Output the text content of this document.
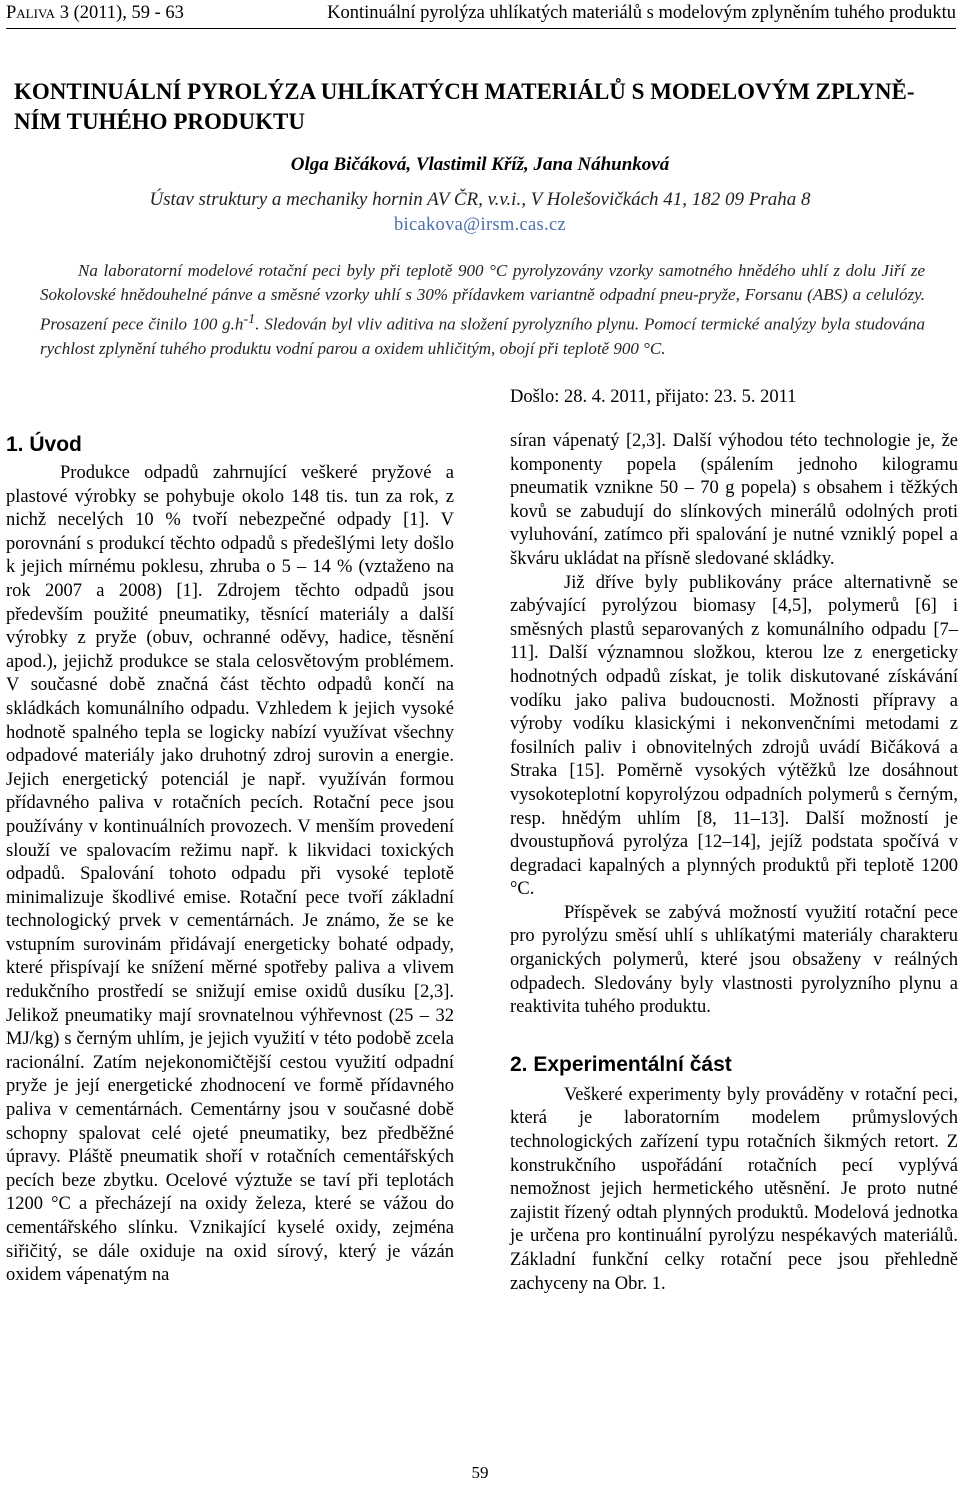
Paliva 3 (2011), 59 - 63	Kontinuální pyrolýza uhlíkatých materiálů s modelovým zplyněním tuhého produktu
KONTINUÁLNÍ PYROLÝZA UHLÍKATÝCH MATERIÁLŮ S MODELOVÝM ZPLYNĚ-NÍM TUHÉHO PRODUKTU
Olga Bičáková, Vlastimil Kříž, Jana Náhunková
Ústav struktury a mechaniky hornin AV ČR, v.v.i., V Holešovičkách 41, 182 09 Praha 8
bicakova@irsm.cas.cz

Na laboratorní modelové rotační peci byly při teplotě 900 °C pyrolyzovány vzorky samotného hnědého uhlí z dolu Jiří ze Sokolovské hnědouhelné pánve a směsné vzorky uhlí s 30% přídavkem variantně odpadní pneu-pryže, Forsanu (ABS) a celulózy. Prosazení pece činilo 100 $g.h^{-1}$. Sledován byl vliv aditiva na složení pyrolyzního plynu. Pomocí termické analýzy byla studována rychlost zplynění tuhého produktu vodní parou a oxidem uhličitým, obojí při teplotě 900 °C.

Došlo: 28. 4. 2011, přijato: 23. 5. 2011
1. Úvod

Produkce odpadů zahrnující veškeré pryžové a plastové výrobky se pohybuje okolo 148 tis. tun za rok, z nichž necelých 10 % tvoří nebezpečné odpady [1]. V porovnání s produkcí těchto odpadů s předešlými lety došlo k jejich mírnému poklesu, zhruba o 5 – 14 % (vztaženo na rok 2007 a 2008) [1]. Zdrojem těchto odpadů jsou především použité pneumatiky, těsnící materiály a další výrobky z pryže (obuv, ochranné oděvy, hadice, těsnění apod.), jejichž produkce se stala celosvětovým problémem. V současné době značná část těchto odpadů končí na skládkách komunálního odpadu. Vzhledem k jejich vysoké hodnotě spalného tepla se logicky nabízí využívat všechny odpadové materiály jako druhotný zdroj surovin a energie. Jejich energetický potenciál je např. využíván formou přídavného paliva v rotačních pecích. Rotační pece jsou používány v kontinuálních provozech. V menším provedení slouží ve spalovacím režimu např. k likvidaci toxických odpadů. Spalování tohoto odpadu při vysoké teplotě minimalizuje škodlivé emise. Rotační pece tvoří základní technologický prvek v cementárnách. Je známo, že se ke vstupním surovinám přidávají energeticky bohaté odpady, které přispívají ke snížení měrné spotřeby paliva a vlivem redukčního prostředí se snižují emise oxidů dusíku [2,3]. Jelikož pneumatiky mají srovnatelnou výhřevnost (25 – 32 MJ/kg) s černým uhlím, je jejich využití v této podobě zcela racionální. Zatím nejekonomičtější cestou využití odpadní pryže je její energetické zhodnocení ve formě přídavného paliva v cementárnách. Cementárny jsou v současné době schopny spalovat celé ojeté pneumatiky, bez předběžné úpravy. Pláště pneumatik shoří v rotačních cementářských pecích beze zbytku. Ocelové výztuže se taví při teplotách 1200 °C a přecházejí na oxidy železa, které se vážou do cementářského slínku. Vznikající kyselé oxidy, zejména siřičitý, se dále oxiduje na oxid sírový, který je vázán oxidem vápenatým na

síran vápenatý [2,3]. Další výhodou této technologie je, že komponenty popela (spálením jednoho kilogramu pneumatik vznikne 50 – 70 g popela) s obsahem i těžkých kovů se zabudují do slínkových minerálů odolných proti vyluhování, zatímco při spalování je nutné vzniklý popel a škváru ukládat na přísně sledované skládky.

Již dříve byly publikovány práce alternativně se zabývající pyrolýzou biomasy [4,5], polymerů [6] i směsných plastů separovaných z komunálního odpadu [7–11]. Další významnou složkou, kterou lze z energeticky hodnotných odpadů získat, je tolik diskutované získávání vodíku jako paliva budoucnosti. Možnosti přípravy a výroby vodíku klasickými i nekonvenčními metodami z fosilních paliv i obnovitelných zdrojů uvádí Bičáková a Straka [15]. Poměrně vysokých výtěžků lze dosáhnout vysokoteplotní kopyrolýzou odpadních polymerů s černým, resp. hnědým uhlím [8, 11–13]. Další možností je dvoustupňová pyrolýza [12–14], jejíž podstata spočívá v degradaci kapalných a plynných produktů při teplotě 1200 °C.

Příspěvek se zabývá možností využití rotační pece pro pyrolýzu směsí uhlí s uhlíkatými materiály charakteru organických polymerů, které jsou obsaženy v reálných odpadech. Sledovány byly vlastnosti pyrolyzního plynu a reaktivita tuhého produktu.

2. Experimentální část

Veškeré experimenty byly prováděny v rotační peci, která je laboratorním modelem průmyslových technologických zařízení typu rotačních šikmých retort. Z konstrukčního uspořádání rotačních pecí vyplývá nemožnost jejich hermetického utěsnění. Je proto nutné zajistit řízený odtah plynných produktů. Modelová jednotka je určena pro kontinuální pyrolýzu nespékavých materiálů. Základní funkční celky rotační pece jsou přehledně zachyceny na Obr. 1.

59
